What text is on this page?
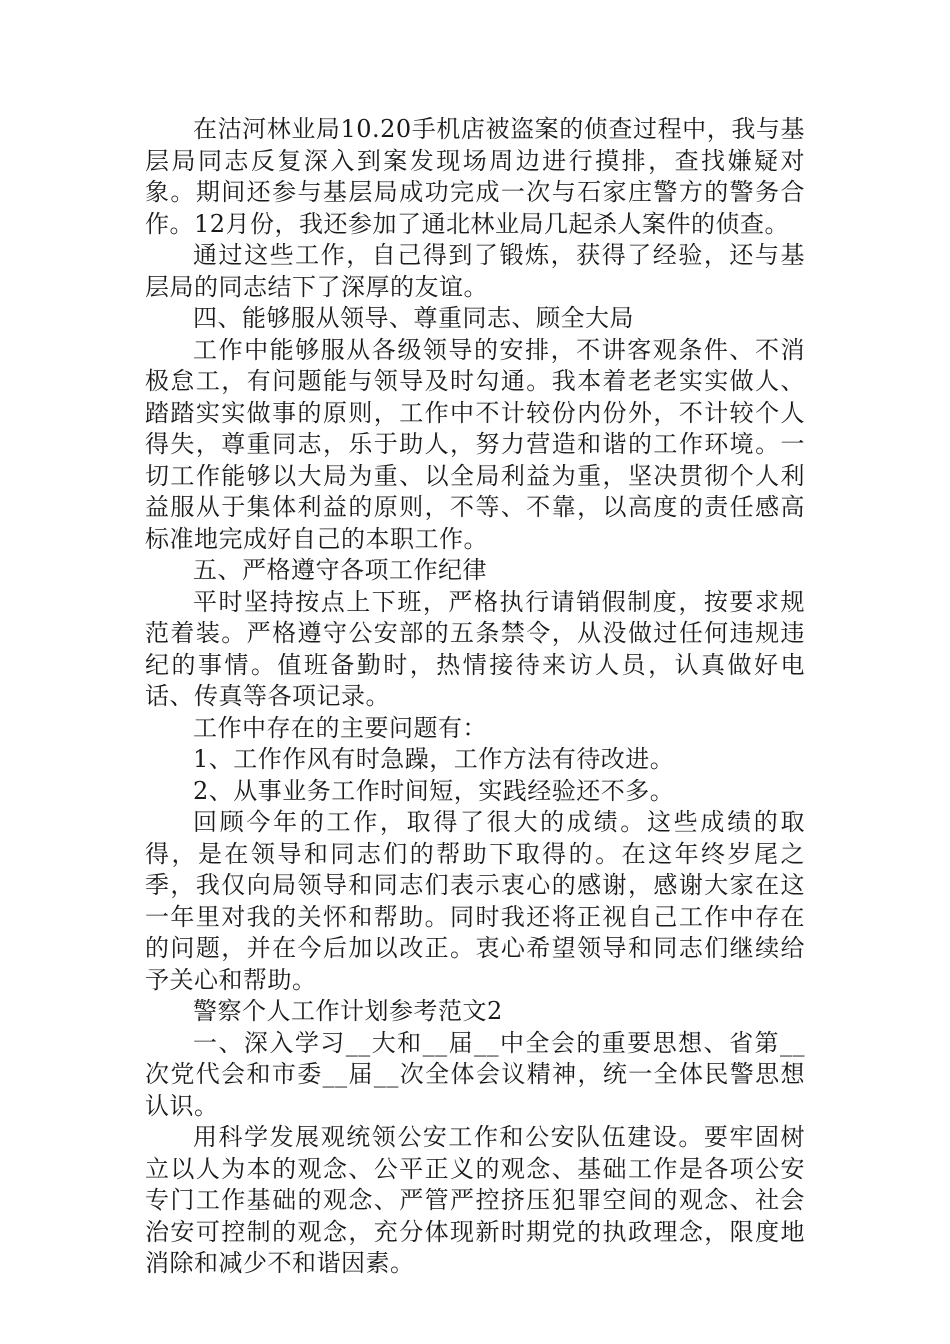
在沽河林业局10.20手机店被盗案的侦查过程中，我与基层局同志反复深入到案发现场周边进行摸排，查找嫌疑对象。期间还参与基层局成功完成一次与石家庄警方的警务合作。12月份，我还参加了通北林业局几起杀人案件的侦查。

通过这些工作，自己得到了锻炼，获得了经验，还与基层局的同志结下了深厚的友谊。

四、能够服从领导、尊重同志、顾全大局

工作中能够服从各级领导的安排，不讲客观条件、不消极怠工，有问题能与领导及时勾通。我本着老老实实做人、踏踏实实做事的原则，工作中不计较份内份外，不计较个人得失，尊重同志，乐于助人，努力营造和谐的工作环境。一切工作能够以大局为重、以全局利益为重，坚决贯彻个人利益服从于集体利益的原则，不等、不靠，以高度的责任感高标准地完成好自己的本职工作。

五、严格遵守各项工作纪律

平时坚持按点上下班，严格执行请销假制度，按要求规范着装。严格遵守公安部的五条禁令，从没做过任何违规违纪的事情。值班备勤时，热情接待来访人员，认真做好电话、传真等各项记录。

工作中存在的主要问题有：

1、工作作风有时急躁，工作方法有待改进。

2、从事业务工作时间短，实践经验还不多。

回顾今年的工作，取得了很大的成绩。这些成绩的取得，是在领导和同志们的帮助下取得的。在这年终岁尾之季，我仅向局领导和同志们表示衷心的感谢，感谢大家在这一年里对我的关怀和帮助。同时我还将正视自己工作中存在的问题，并在今后加以改正。衷心希望领导和同志们继续给予关心和帮助。

警察个人工作计划参考范文2

一、深入学习__大和__届__中全会的重要思想、省第__次党代会和市委__届__次全体会议精神，统一全体民警思想认识。

用科学发展观统领公安工作和公安队伍建设。要牢固树立以人为本的观念、公平正义的观念、基础工作是各项公安专门工作基础的观念、严管严控挤压犯罪空间的观念、社会治安可控制的观念，充分体现新时期党的执政理念，限度地消除和减少不和谐因素。
